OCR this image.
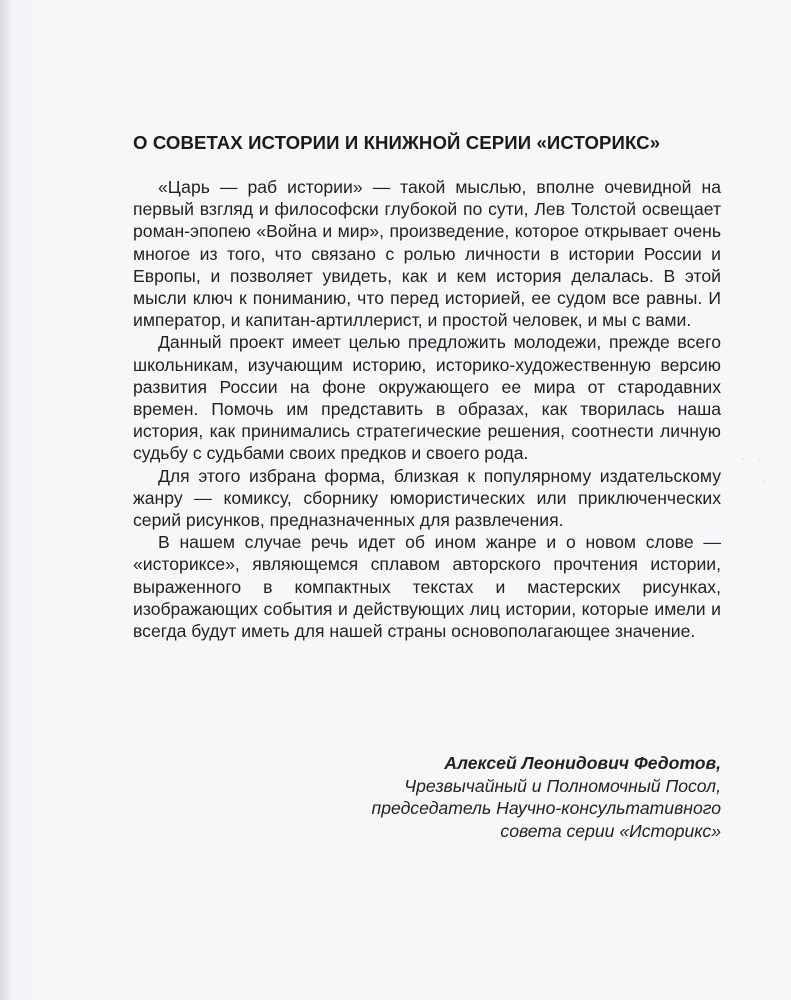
О СОВЕТАХ ИСТОРИИ И КНИЖНОЙ СЕРИИ «ИСТОРИКС»

«Царь — раб истории» — такой мыслью, вполне очевидной на первый взгляд и философски глубокой по сути, Лев Толстой освещает роман-эпопею «Война и мир», произведение, которое открывает очень многое из того, что связано с ролью личности в истории России и Европы, и позволяет увидеть, как и кем история делалась. В этой мысли ключ к пониманию, что перед историей, ее судом все равны. И император, и капитан-артиллерист, и простой человек, и мы с вами.

Данный проект имеет целью предложить молодежи, прежде всего школьникам, изучающим историю, историко-художественную версию развития России на фоне окружающего ее мира от стародавних времен. Помочь им представить в образах, как творилась наша история, как принимались стратегические решения, соотнести личную судьбу с судьбами своих предков и своего рода.

Для этого избрана форма, близкая к популярному издательскому жанру — комиксу, сборнику юмористических или приключенческих серий рисунков, предназначенных для развлечения.

В нашем случае речь идет об ином жанре и о новом слове — «историксе», являющемся сплавом авторского прочтения истории, выраженного в компактных текстах и мастерских рисунках, изображающих события и действующих лиц истории, которые имели и всегда будут иметь для нашей страны основополагающее значение.

Алексей Леонидович Федотов,
Чрезвычайный и Полномочный Посол,
председатель Научно-консультативного
совета серии «Историкс»
